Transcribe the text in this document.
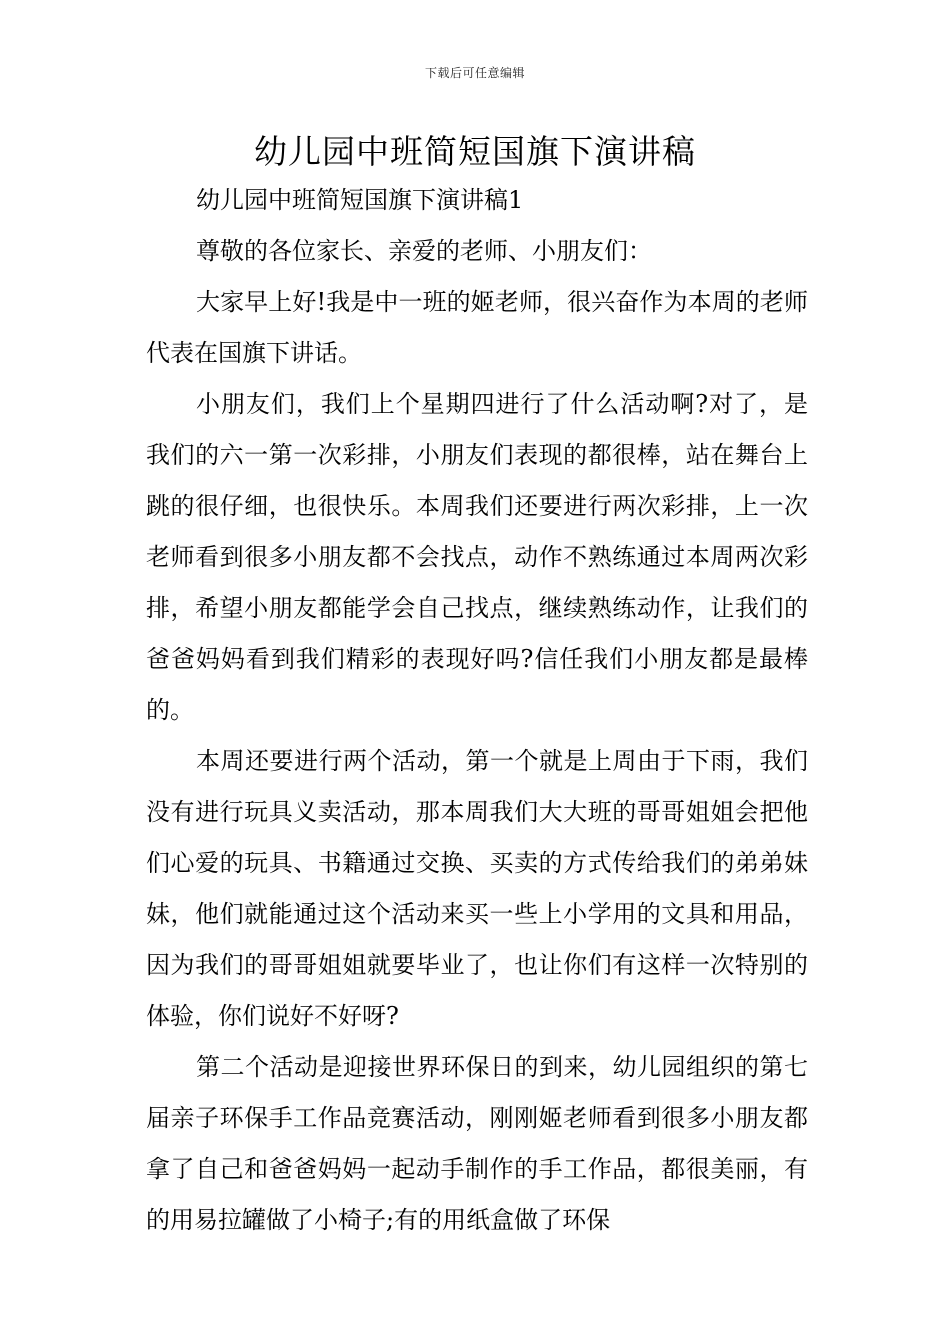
下载后可任意编辑
幼儿园中班简短国旗下演讲稿

幼儿园中班简短国旗下演讲稿1

尊敬的各位家长、亲爱的老师、小朋友们：

大家早上好!我是中一班的姬老师，很兴奋作为本周的老师代表在国旗下讲话。

小朋友们，我们上个星期四进行了什么活动啊?对了，是我们的六一第一次彩排，小朋友们表现的都很棒，站在舞台上跳的很仔细，也很快乐。本周我们还要进行两次彩排，上一次老师看到很多小朋友都不会找点，动作不熟练通过本周两次彩排，希望小朋友都能学会自己找点，继续熟练动作，让我们的爸爸妈妈看到我们精彩的表现好吗?信任我们小朋友都是最棒的。

本周还要进行两个活动，第一个就是上周由于下雨，我们没有进行玩具义卖活动，那本周我们大大班的哥哥姐姐会把他们心爱的玩具、书籍通过交换、买卖的方式传给我们的弟弟妹妹，他们就能通过这个活动来买一些上小学用的文具和用品，因为我们的哥哥姐姐就要毕业了，也让你们有这样一次特别的体验，你们说好不好呀?

第二个活动是迎接世界环保日的到来，幼儿园组织的第七届亲子环保手工作品竞赛活动，刚刚姬老师看到很多小朋友都拿了自己和爸爸妈妈一起动手制作的手工作品，都很美丽，有的用易拉罐做了小椅子;有的用纸盒做了环保
